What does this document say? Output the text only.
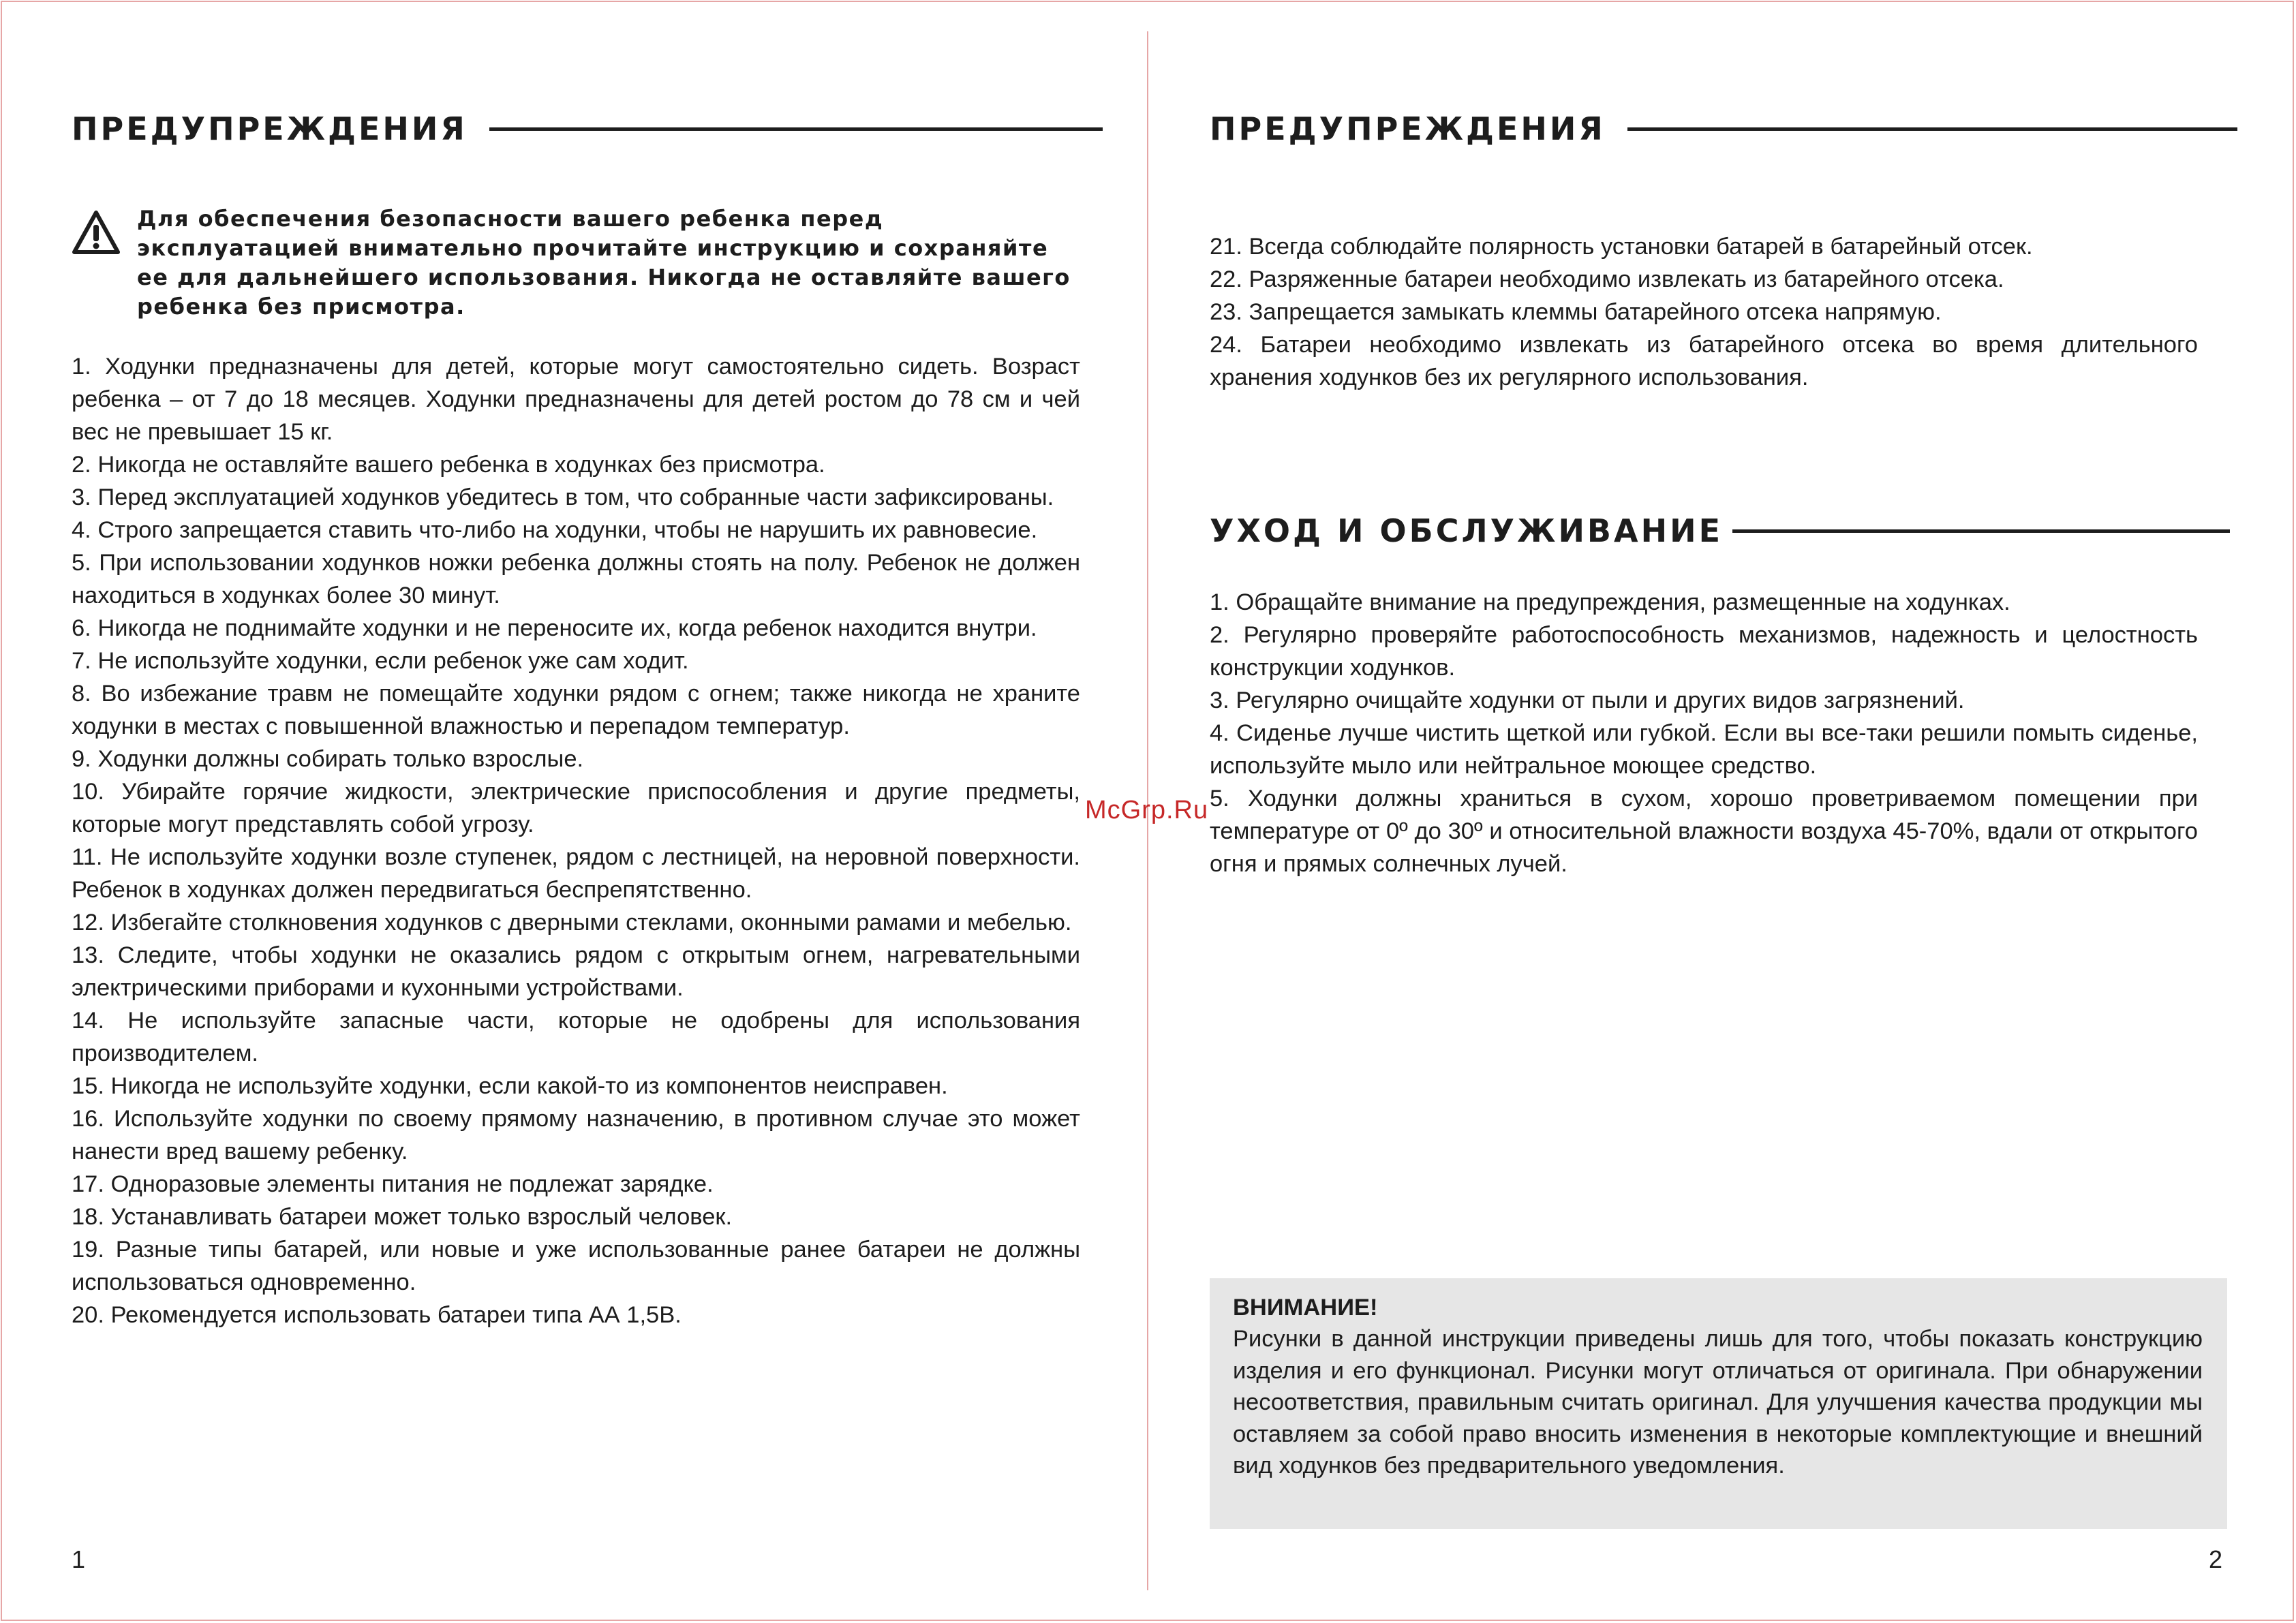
ПРЕДУПРЕЖДЕНИЯ
Для обеспечения безопасности вашего ребенка перед эксплуатацией внимательно прочитайте инструкцию и сохраняйте ее для дальнейшего использования. Никогда не оставляйте вашего ребенка без присмотра.
1. Ходунки предназначены для детей, которые могут самостоятельно сидеть. Возраст ребенка – от 7 до 18 месяцев. Ходунки предназначены для детей ростом до 78 см и чей вес не превышает 15 кг.
2. Никогда не оставляйте вашего ребенка в ходунках без присмотра.
3. Перед эксплуатацией ходунков убедитесь в том, что собранные части зафиксированы.
4. Строго запрещается ставить что-либо на ходунки, чтобы не нарушить их равновесие.
5. При использовании ходунков ножки ребенка должны стоять на полу. Ребенок не должен находиться в ходунках более 30 минут.
6. Никогда не поднимайте ходунки и не переносите их, когда ребенок находится внутри.
7. Не используйте ходунки, если ребенок уже сам ходит.
8. Во избежание травм не помещайте ходунки рядом с огнем; также никогда не храните ходунки в местах с повышенной влажностью и перепадом температур.
9. Ходунки должны собирать только взрослые.
10. Убирайте горячие жидкости, электрические приспособления и другие предметы, которые могут представлять собой угрозу.
11. Не используйте ходунки возле ступенек, рядом с лестницей, на неровной поверхности. Ребенок в ходунках должен передвигаться беспрепятственно.
12. Избегайте столкновения ходунков с дверными стеклами, оконными рамами и мебелью.
13. Следите, чтобы ходунки не оказались рядом с открытым огнем, нагревательными электрическими приборами и кухонными устройствами.
14. Не используйте запасные части, которые не одобрены для использования производителем.
15. Никогда не используйте ходунки, если какой-то из компонентов неисправен.
16. Используйте ходунки по своему прямому назначению, в противном случае это может нанести вред вашему ребенку.
17. Одноразовые элементы питания не подлежат зарядке.
18. Устанавливать батареи может только взрослый человек.
19. Разные типы батарей, или новые и уже использованные ранее батареи не должны использоваться одновременно.
20. Рекомендуется использовать батареи типа АА 1,5В.
1
ПРЕДУПРЕЖДЕНИЯ
21. Всегда соблюдайте полярность установки батарей в батарейный отсек.
22. Разряженные батареи необходимо извлекать из батарейного отсека.
23. Запрещается замыкать клеммы батарейного отсека напрямую.
24. Батареи необходимо извлекать из батарейного отсека во время длительного хранения ходунков без их регулярного использования.
УХОД И ОБСЛУЖИВАНИЕ
1. Обращайте внимание на предупреждения, размещенные на ходунках.
2. Регулярно проверяйте работоспособность механизмов, надежность и целостность конструкции ходунков.
3. Регулярно очищайте ходунки от пыли и других видов загрязнений.
4. Сиденье лучше чистить щеткой или губкой. Если вы все-таки решили помыть сиденье, используйте мыло или нейтральное моющее средство.
5. Ходунки должны храниться в сухом, хорошо проветриваемом помещении при температуре от 0º до 30º и относительной влажности воздуха 45-70%, вдали от открытого огня и прямых солнечных лучей.
ВНИМАНИЕ!
Рисунки в данной инструкции приведены лишь для того, чтобы показать конструкцию изделия и его функционал. Рисунки могут отличаться от оригинала. При обнаружении несоответствия, правильным считать оригинал. Для улучшения качества продукции мы оставляем за собой право вносить изменения в некоторые комплектующие и внешний вид ходунков без предварительного уведомления.
2
McGrp.Ru
